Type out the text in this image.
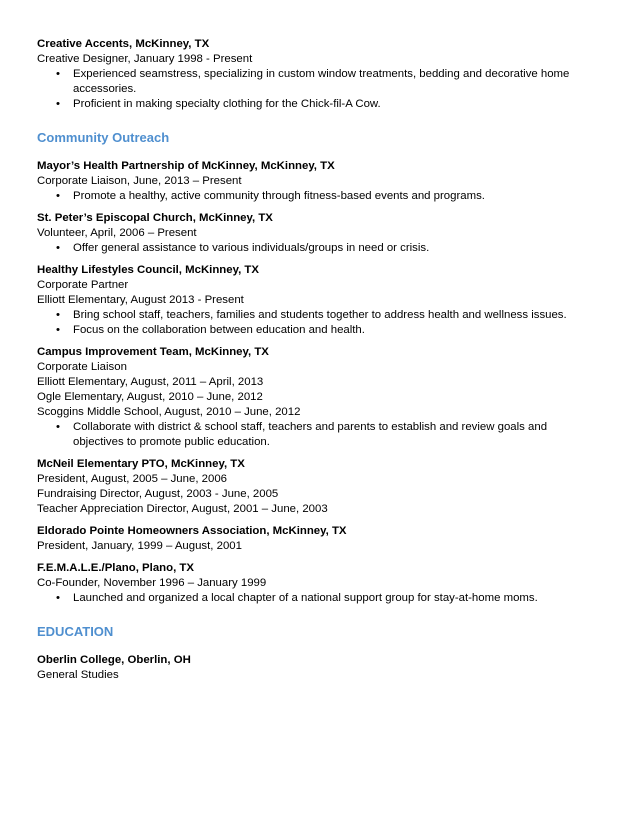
Creative Accents, McKinney, TX
Creative Designer, January 1998 - Present
• Experienced seamstress, specializing in custom window treatments, bedding and decorative home accessories.
• Proficient in making specialty clothing for the Chick-fil-A Cow.
Community Outreach
Mayor’s Health Partnership of McKinney, McKinney, TX
Corporate Liaison, June, 2013 – Present
• Promote a healthy, active community through fitness-based events and programs.
St. Peter’s Episcopal Church, McKinney, TX
Volunteer, April, 2006 – Present
• Offer general assistance to various individuals/groups in need or crisis.
Healthy Lifestyles Council, McKinney, TX
Corporate Partner
Elliott Elementary, August 2013 - Present
• Bring school staff, teachers, families and students together to address health and wellness issues.
• Focus on the collaboration between education and health.
Campus Improvement Team, McKinney, TX
Corporate Liaison
Elliott Elementary, August, 2011 – April, 2013
Ogle Elementary, August, 2010 – June, 2012
Scoggins Middle School, August, 2010 – June, 2012
• Collaborate with district & school staff, teachers and parents to establish and review goals and objectives to promote public education.
McNeil Elementary PTO, McKinney, TX
President, August, 2005 – June, 2006
Fundraising Director, August, 2003 - June, 2005
Teacher Appreciation Director, August, 2001 – June, 2003
Eldorado Pointe Homeowners Association, McKinney, TX
President, January, 1999 – August, 2001
F.E.M.A.L.E./Plano, Plano, TX
Co-Founder, November 1996 – January 1999
• Launched and organized a local chapter of a national support group for stay-at-home moms.
EDUCATION
Oberlin College, Oberlin, OH
General Studies
